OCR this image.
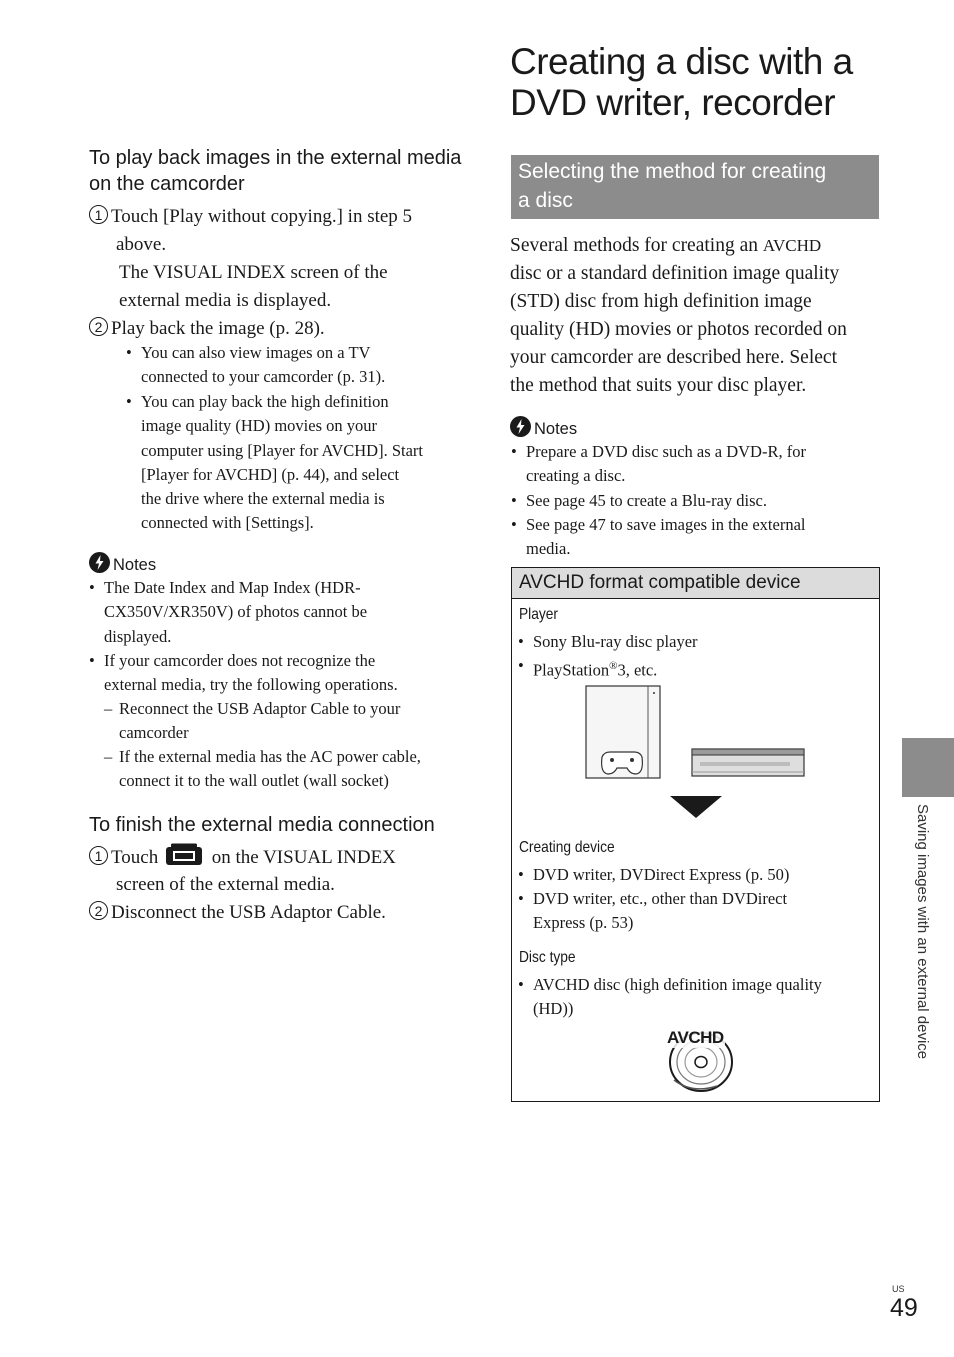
To play back images in the external media on the camcorder
1 Touch [Play without copying.] in step 5
above.
The VISUAL INDEX screen of the
external media is displayed.
2 Play back the image (p. 28).
• You can also view images on a TV
connected to your camcorder (p. 31).
• You can play back the high definition
image quality (HD) movies on your
computer using [Player for AVCHD]. Start
[Player for AVCHD] (p. 44), and select
the drive where the external media is
connected with [Settings].
Notes
• The Date Index and Map Index (HDR-
CX350V/XR350V) of photos cannot be
displayed.
• If your camcorder does not recognize the
external media, try the following operations.
– Reconnect the USB Adaptor Cable to your
camcorder
– If the external media has the AC power cable,
connect it to the wall outlet (wall socket)
To finish the external media connection
1 Touch	on the VISUAL INDEX
screen of the external media.
2 Disconnect the USB Adaptor Cable.
Creating a disc with a DVD writer, recorder
Selecting the method for creating
a disc
Several methods for creating an AVCHD
disc or a standard definition image quality
(STD) disc from high definition image
quality (HD) movies or photos recorded on
your camcorder are described here. Select
the method that suits your disc player.
Notes
• Prepare a DVD disc such as a DVD-R, for
creating a disc.
• See page 45 to create a Blu-ray disc.
• See page 47 to save images in the external
media.
AVCHD format compatible device
Player
• Sony Blu-ray disc player
• PlayStation®3, etc.
Creating device
• DVD writer, DVDirect Express (p. 50)
• DVD writer, etc., other than DVDirect
Express (p. 53)
Disc type
• AVCHD disc (high definition image quality
(HD))
AVCHD	Saving images with an external device
US
49
